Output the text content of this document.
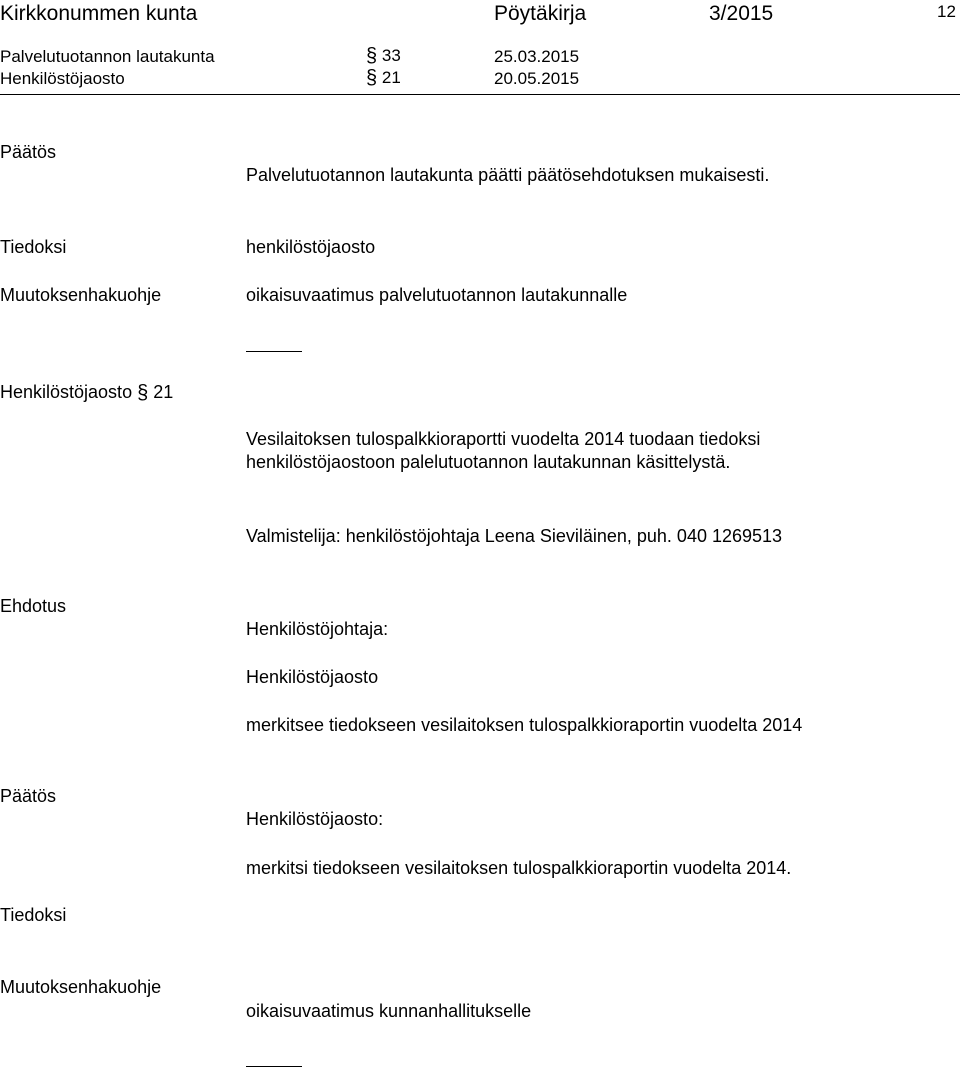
Kirkkonummen kunta	Pöytäkirja	3/2015	12
Palvelutuotannon lautakunta	§ 33	25.03.2015
Henkilöstöjaosto	§ 21	20.05.2015
Päätös
Palvelutuotannon lautakunta päätti päätösehdotuksen mukaisesti.
Tiedoksi	henkilöstöjaosto
Muutoksenhakuohje	oikaisuvaatimus palvelutuotannon lautakunnalle
Henkilöstöjaosto § 21
Vesilaitoksen tulospalkkioraportti vuodelta 2014 tuodaan tiedoksi
henkilöstöjaostoon palelutuotannon lautakunnan käsittelystä.
Valmistelija: henkilöstöjohtaja Leena Sieviläinen, puh. 040 1269513
Ehdotus
Henkilöstöjohtaja:
Henkilöstöjaosto
merkitsee tiedokseen vesilaitoksen tulospalkkioraportin vuodelta 2014
Päätös
Henkilöstöjaosto:
merkitsi tiedokseen vesilaitoksen tulospalkkioraportin vuodelta 2014.
Tiedoksi
Muutoksenhakuohje
oikaisuvaatimus kunnanhallitukselle
